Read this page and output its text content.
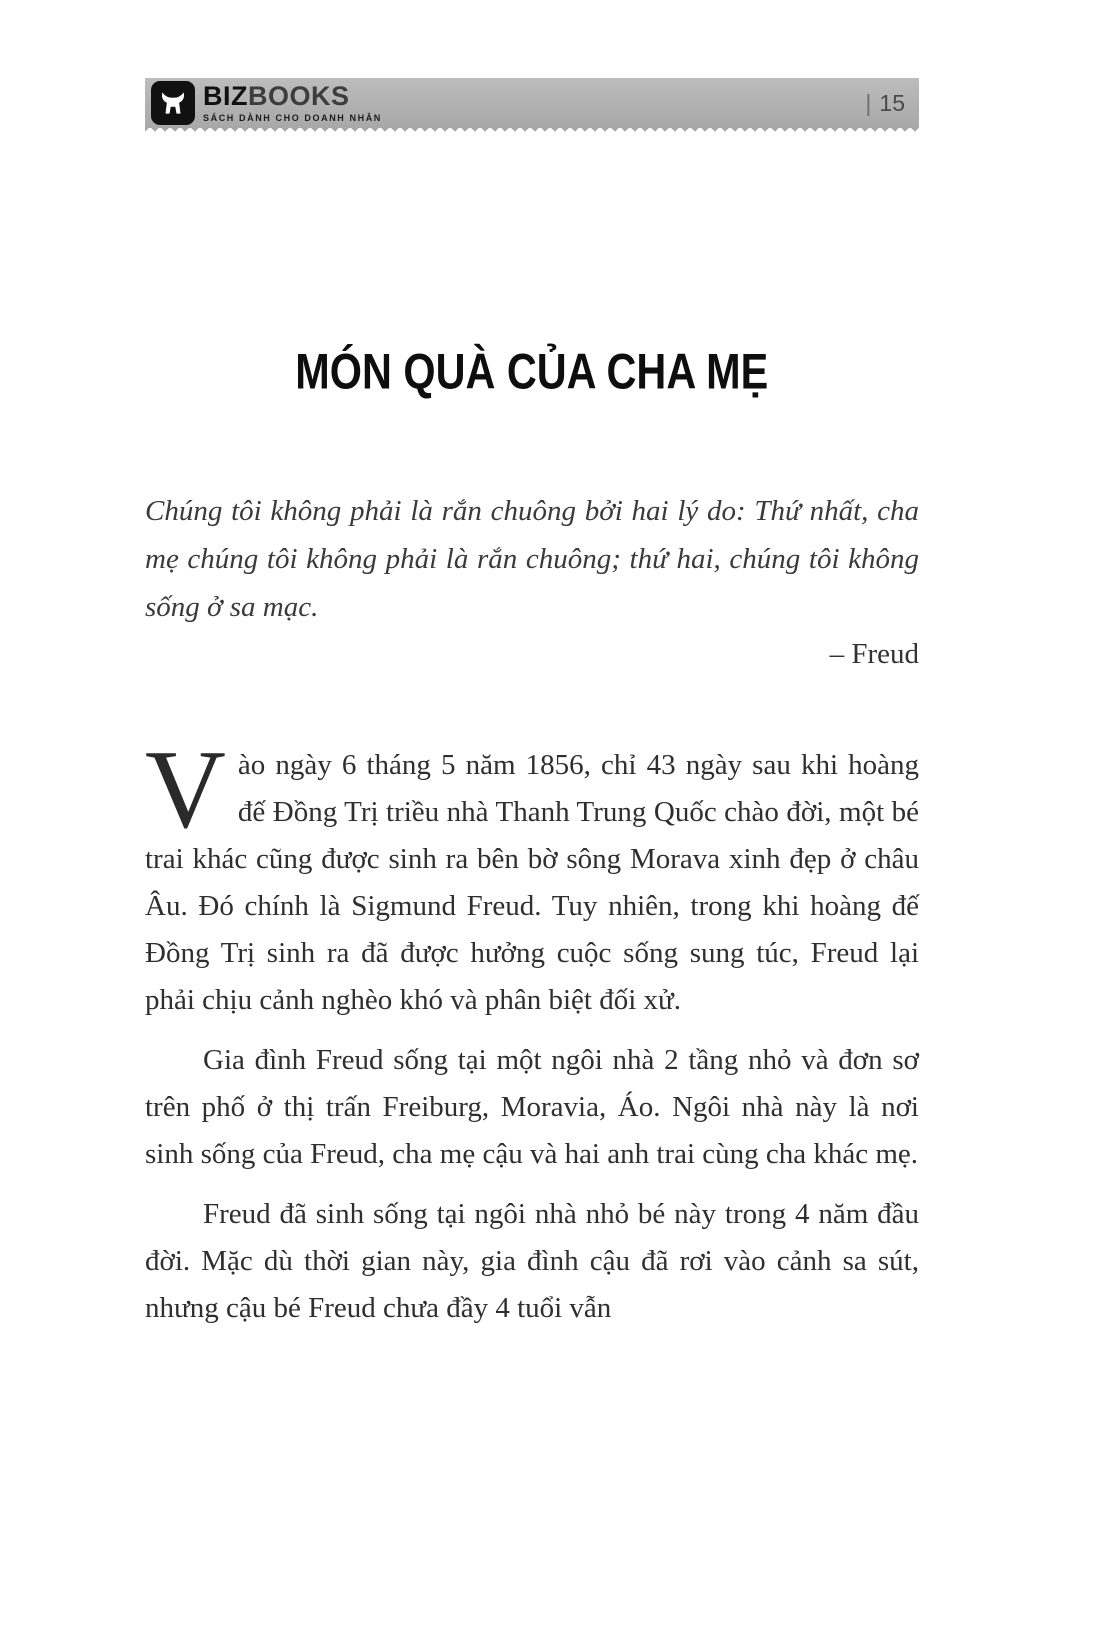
BIZBOOKS
SÁCH DÀNH CHO DOANH NHÂN
| 15
MÓN QUÀ CỦA CHA MẸ
Chúng tôi không phải là rắn chuông bởi hai lý do: Thứ nhất, cha mẹ chúng tôi không phải là rắn chuông; thứ hai, chúng tôi không sống ở sa mạc.
– Freud

Vào ngày 6 tháng 5 năm 1856, chỉ 43 ngày sau khi hoàng đế Đồng Trị triều nhà Thanh Trung Quốc chào đời, một bé trai khác cũng được sinh ra bên bờ sông Morava xinh đẹp ở châu Âu. Đó chính là Sigmund Freud. Tuy nhiên, trong khi hoàng đế Đồng Trị sinh ra đã được hưởng cuộc sống sung túc, Freud lại phải chịu cảnh nghèo khó và phân biệt đối xử.

Gia đình Freud sống tại một ngôi nhà 2 tầng nhỏ và đơn sơ trên phố ở thị trấn Freiburg, Moravia, Áo. Ngôi nhà này là nơi sinh sống của Freud, cha mẹ cậu và hai anh trai cùng cha khác mẹ.

Freud đã sinh sống tại ngôi nhà nhỏ bé này trong 4 năm đầu đời. Mặc dù thời gian này, gia đình cậu đã rơi vào cảnh sa sút, nhưng cậu bé Freud chưa đầy 4 tuổi vẫn
